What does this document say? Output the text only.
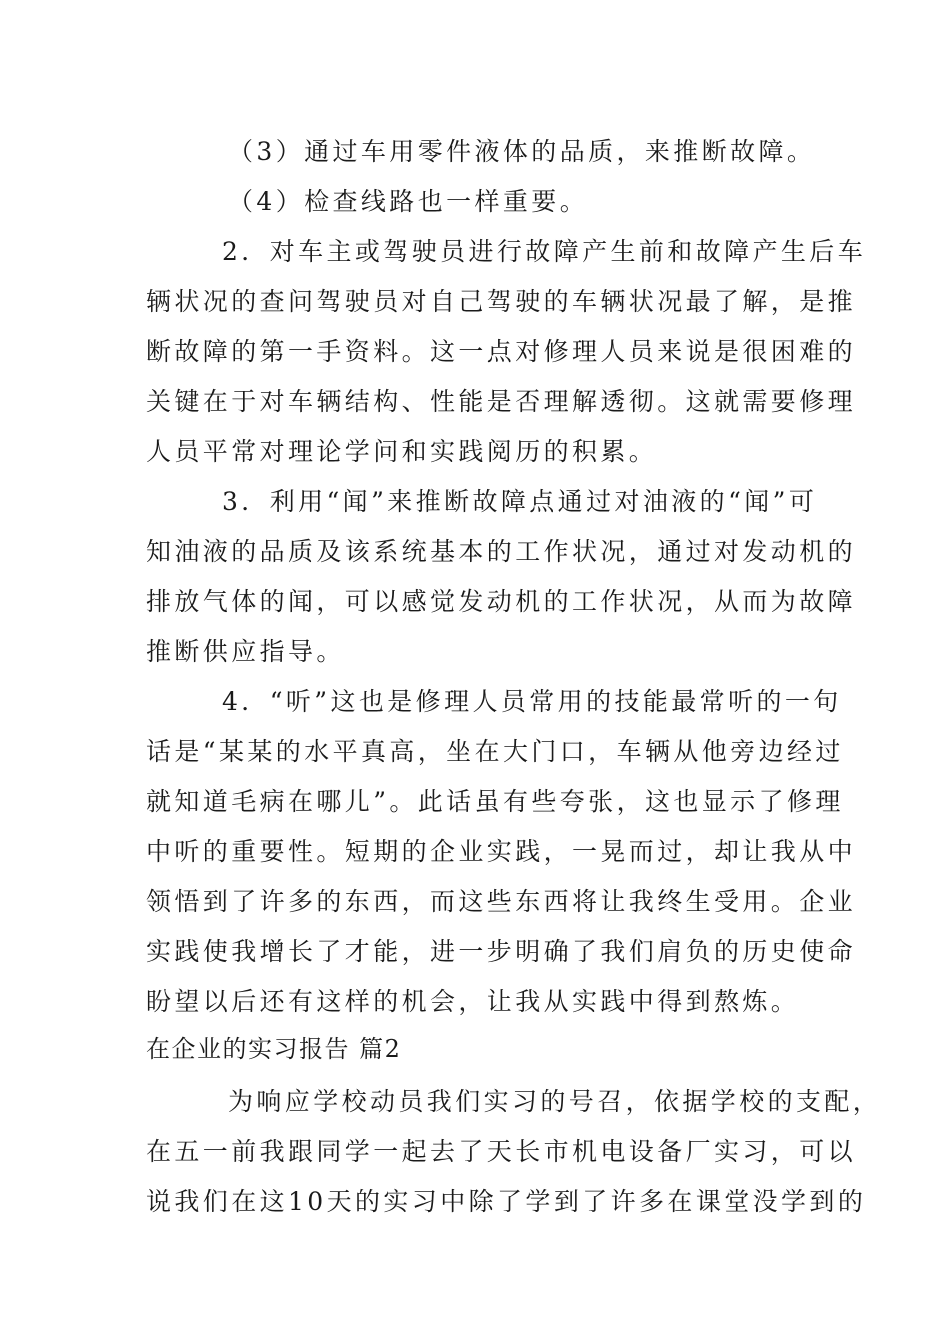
（3）通过车用零件液体的品质，来推断故障。
（4）检查线路也一样重要。
2．对车主或驾驶员进行故障产生前和故障产生后车
辆状况的查问驾驶员对自己驾驶的车辆状况最了解，是推
断故障的第一手资料。这一点对修理人员来说是很困难的
关键在于对车辆结构、性能是否理解透彻。这就需要修理
人员平常对理论学问和实践阅历的积累。
3．利用“闻”来推断故障点通过对油液的“闻”可
知油液的品质及该系统基本的工作状况，通过对发动机的
排放气体的闻，可以感觉发动机的工作状况，从而为故障
推断供应指导。
4．“听”这也是修理人员常用的技能最常听的一句
话是“某某的水平真高，坐在大门口，车辆从他旁边经过
就知道毛病在哪儿”。此话虽有些夸张，这也显示了修理
中听的重要性。短期的企业实践，一晃而过，却让我从中
领悟到了许多的东西，而这些东西将让我终生受用。企业
实践使我增长了才能，进一步明确了我们肩负的历史使命
盼望以后还有这样的机会，让我从实践中得到熬炼。
在企业的实习报告 篇2
为响应学校动员我们实习的号召，依据学校的支配，
在五一前我跟同学一起去了天长市机电设备厂实习，可以
说我们在这10天的实习中除了学到了许多在课堂没学到的
